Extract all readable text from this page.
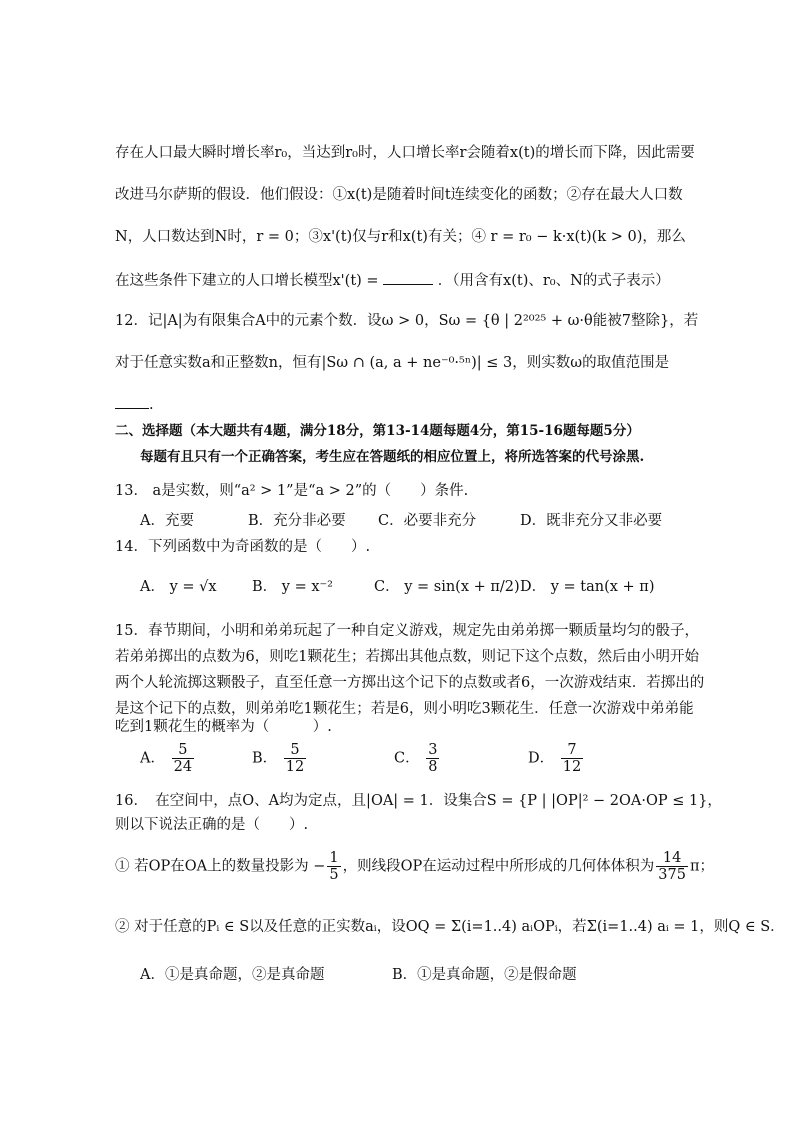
存在人口最大瞬时增长率r₀，当达到r₀时，人口增长率r会随着x(t)的增长而下降，因此需要
改进马尔萨斯的假设．他们假设：①x(t)是随着时间t连续变化的函数；②存在最大人口数
N，人口数达到N时，r = 0；③x'(t)仅与r和x(t)有关；④ r = r₀ − k·x(t)(k > 0)，那么
在这些条件下建立的人口增长模型x'(t) =	．（用含有x(t)、r₀、N的式子表示）
12．记|A|为有限集合A中的元素个数．设ω > 0，Sω = {θ | 2²⁰²⁵ + ω·θ能被7整除}，若
对于任意实数a和正整数n，恒有|Sω ∩ (a, a + ne⁻⁰·⁵ⁿ)| ≤ 3，则实数ω的取值范围是
.
二、选择题（本大题共有4题，满分18分，第13-14题每题4分，第15-16题每题5分）
每题有且只有一个正确答案，考生应在答题纸的相应位置上，将所选答案的代号涂黑.
13． a是实数，则“a² > 1”是“a > 2”的（　　）条件.
A．充要	B．充分非必要 C．必要非充分	D．既非充分又非必要
14．下列函数中为奇函数的是（　　）.
A． y = √x B． y = x⁻²	C． y = sin(x + π/2) D． y = tan(x + π)
15．春节期间，小明和弟弟玩起了一种自定义游戏，规定先由弟弟掷一颗质量均匀的骰子，
若弟弟掷出的点数为6，则吃1颗花生；若掷出其他点数，则记下这个点数，然后由小明开始
两个人轮流掷这颗骰子，直至任意一方掷出这个记下的点数或者6，一次游戏结束．若掷出的
是这个记下的点数，则弟弟吃1颗花生；若是6，则小明吃3颗花生．任意一次游戏中弟弟能
吃到1颗花生的概率为（　　　）.
A． $\frac{5}{24}$	B． $\frac{5}{12}$	C． $\frac{3}{8}$	D． $\frac{7}{12}$
16．　在空间中，点O、A均为定点，且|OA| = 1．设集合S = {P | |OP|² − 2OA·OP ≤ 1}，
则以下说法正确的是（　　）.
① 若OP在OA上的数量投影为 − $\frac{1}{5}$ ，则线段OP在运动过程中所形成的几何体体积为 $\frac{14}{375}$ π；
② 对于任意的Pᵢ ∈ S以及任意的正实数aᵢ，设OQ = Σ(i=1..4) aᵢOPᵢ，若Σ(i=1..4) aᵢ = 1，则Q ∈ S．
A．①是真命题，②是真命题	B．①是真命题，②是假命题
